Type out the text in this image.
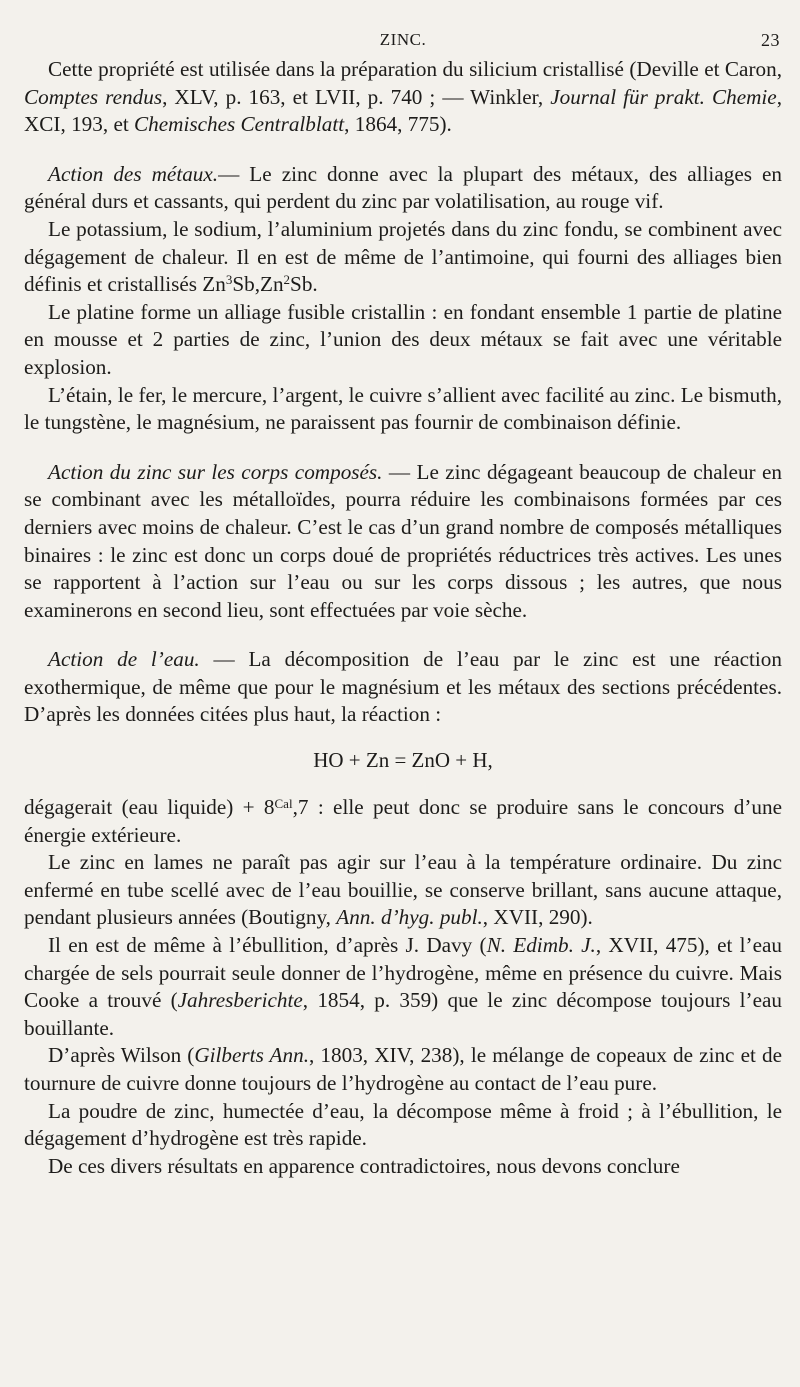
ZINC.	23

Cette propriété est utilisée dans la préparation du silicium cristallisé (Deville et Caron, Comptes rendus, XLV, p. 163, et LVII, p. 740 ; — Winkler, Journal für prakt. Chemie, XCI, 193, et Chemisches Centralblatt, 1864, 775).

Action des métaux.— Le zinc donne avec la plupart des métaux, des alliages en général durs et cassants, qui perdent du zinc par volatilisation, au rouge vif.

Le potassium, le sodium, l’aluminium projetés dans du zinc fondu, se combinent avec dégagement de chaleur. Il en est de même de l’antimoine, qui fourni des alliages bien définis et cristallisés Zn$^3$Sb,Zn$^2$Sb.

Le platine forme un alliage fusible cristallin : en fondant ensemble 1 partie de platine en mousse et 2 parties de zinc, l’union des deux métaux se fait avec une véritable explosion.

L’étain, le fer, le mercure, l’argent, le cuivre s’allient avec facilité au zinc. Le bismuth, le tungstène, le magnésium, ne paraissent pas fournir de combinaison définie.

Action du zinc sur les corps composés. — Le zinc dégageant beaucoup de chaleur en se combinant avec les métalloïdes, pourra réduire les combinaisons formées par ces derniers avec moins de chaleur. C’est le cas d’un grand nombre de composés métalliques binaires : le zinc est donc un corps doué de propriétés réductrices très actives. Les unes se rapportent à l’action sur l’eau ou sur les corps dissous ; les autres, que nous examinerons en second lieu, sont effectuées par voie sèche.

Action de l’eau. — La décomposition de l’eau par le zinc est une réaction exothermique, de même que pour le magnésium et les métaux des sections précédentes. D’après les données citées plus haut, la réaction :

HO + Zn = ZnO + H,

dégagerait (eau liquide) + $8^{Cal},7$ : elle peut donc se produire sans le concours d’une énergie extérieure.

Le zinc en lames ne paraît pas agir sur l’eau à la température ordinaire. Du zinc enfermé en tube scellé avec de l’eau bouillie, se conserve brillant, sans aucune attaque, pendant plusieurs années (Boutigny, Ann. d’hyg. publ., XVII, 290).

Il en est de même à l’ébullition, d’après J. Davy (N. Edimb. J., XVII, 475), et l’eau chargée de sels pourrait seule donner de l’hydrogène, même en présence du cuivre. Mais Cooke a trouvé (Jahresberichte, 1854, p. 359) que le zinc décompose toujours l’eau bouillante.

D’après Wilson (Gilberts Ann., 1803, XIV, 238), le mélange de copeaux de zinc et de tournure de cuivre donne toujours de l’hydrogène au contact de l’eau pure.

La poudre de zinc, humectée d’eau, la décompose même à froid ; à l’ébullition, le dégagement d’hydrogène est très rapide.

De ces divers résultats en apparence contradictoires, nous devons conclure
